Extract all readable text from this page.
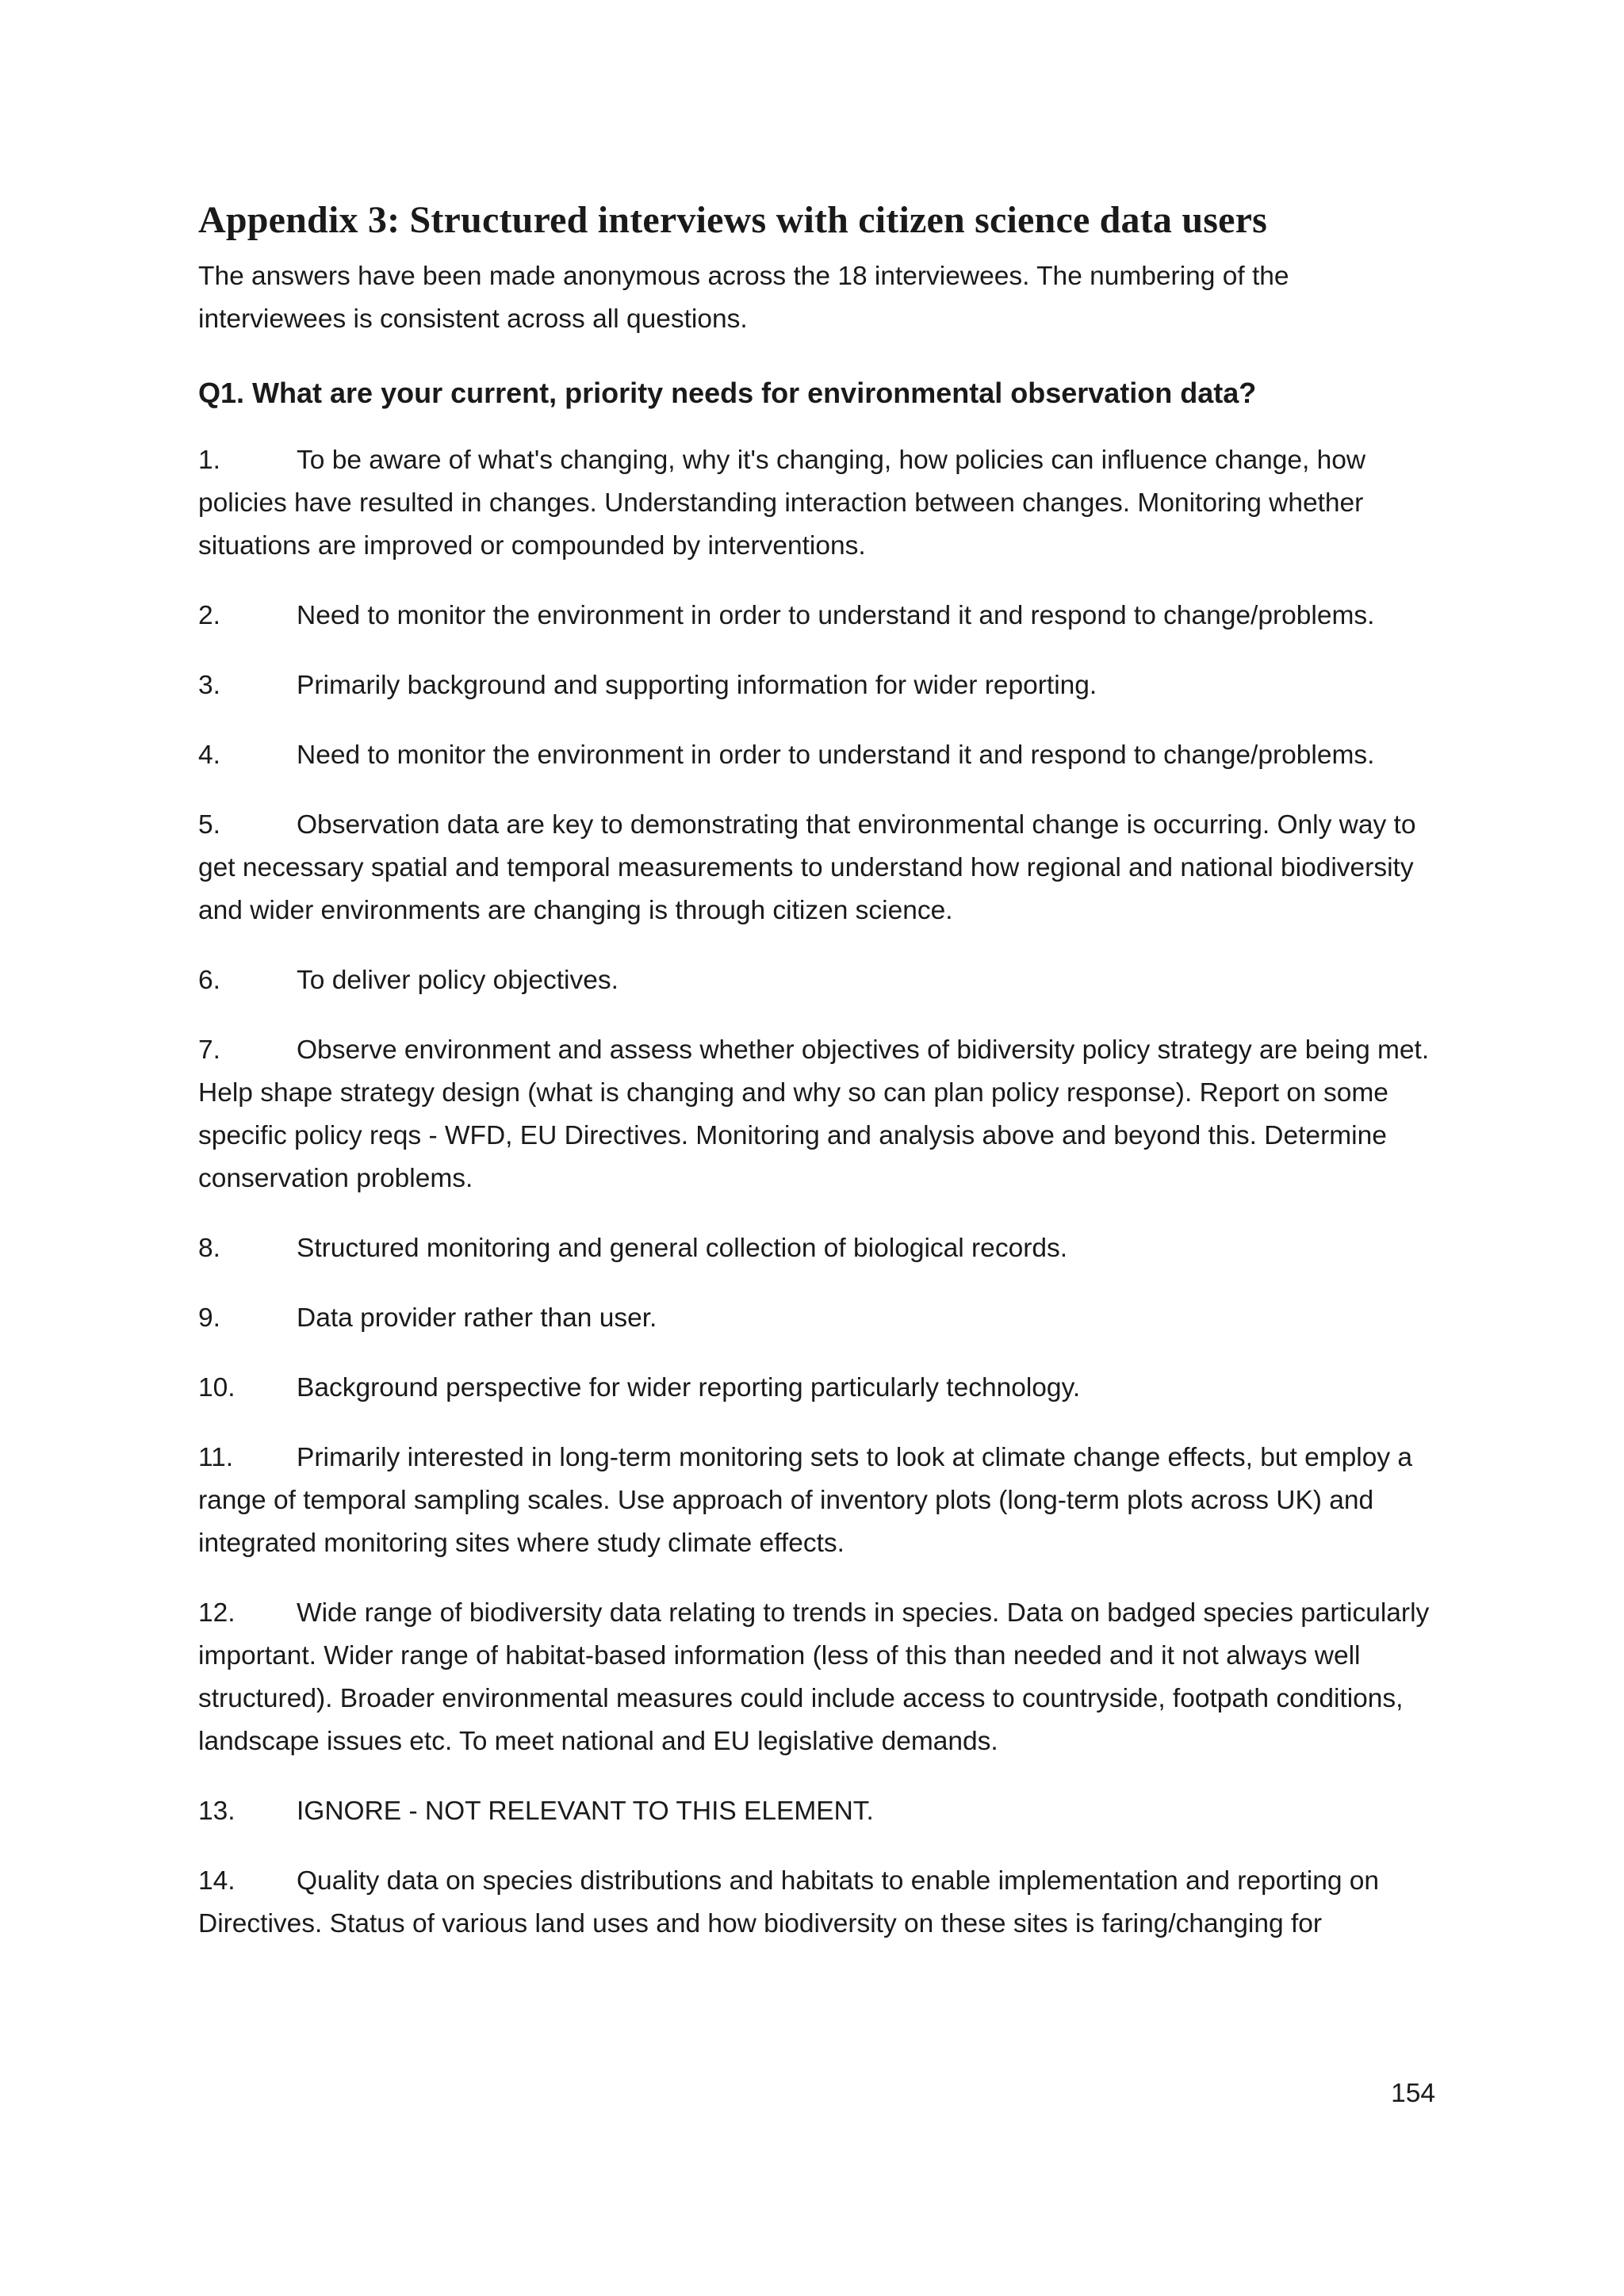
Appendix 3: Structured interviews with citizen science data users

The answers have been made anonymous across the 18 interviewees. The numbering of the interviewees is consistent across all questions.

Q1. What are your current, priority needs for environmental observation data?
1.	To be aware of what's changing, why it's changing, how policies can influence change, how policies have resulted in changes. Understanding interaction between changes. Monitoring whether situations are improved or compounded by interventions.
2.	Need to monitor the environment in order to understand it and respond to change/problems.
3.	Primarily background and supporting information for wider reporting.
4.	Need to monitor the environment in order to understand it and respond to change/problems.
5.	Observation data are key to demonstrating that environmental change is occurring. Only way to get necessary spatial and temporal measurements to understand how regional and national biodiversity and wider environments are changing is through citizen science.
6.	To deliver policy objectives.
7.	Observe environment and assess whether objectives of bidiversity policy strategy are being met. Help shape strategy design (what is changing and why so can plan policy response). Report on some specific policy reqs - WFD, EU Directives. Monitoring and analysis above and beyond this. Determine conservation problems.
8.	Structured monitoring and general collection of biological records.
9.	Data provider rather than user.
10. Background perspective for wider reporting particularly technology.
11. Primarily interested in long-term monitoring sets to look at climate change effects, but employ a range of temporal sampling scales. Use approach of inventory plots (long-term plots across UK) and integrated monitoring sites where study climate effects.
12. Wide range of biodiversity data relating to trends in species. Data on badged species particularly important. Wider range of habitat-based information (less of this than needed and it not always well structured). Broader environmental measures could include access to countryside, footpath conditions, landscape issues etc. To meet national and EU legislative demands.
13. IGNORE - NOT RELEVANT TO THIS ELEMENT.
14. Quality data on species distributions and habitats to enable implementation and reporting on Directives. Status of various land uses and how biodiversity on these sites is faring/changing for
154
